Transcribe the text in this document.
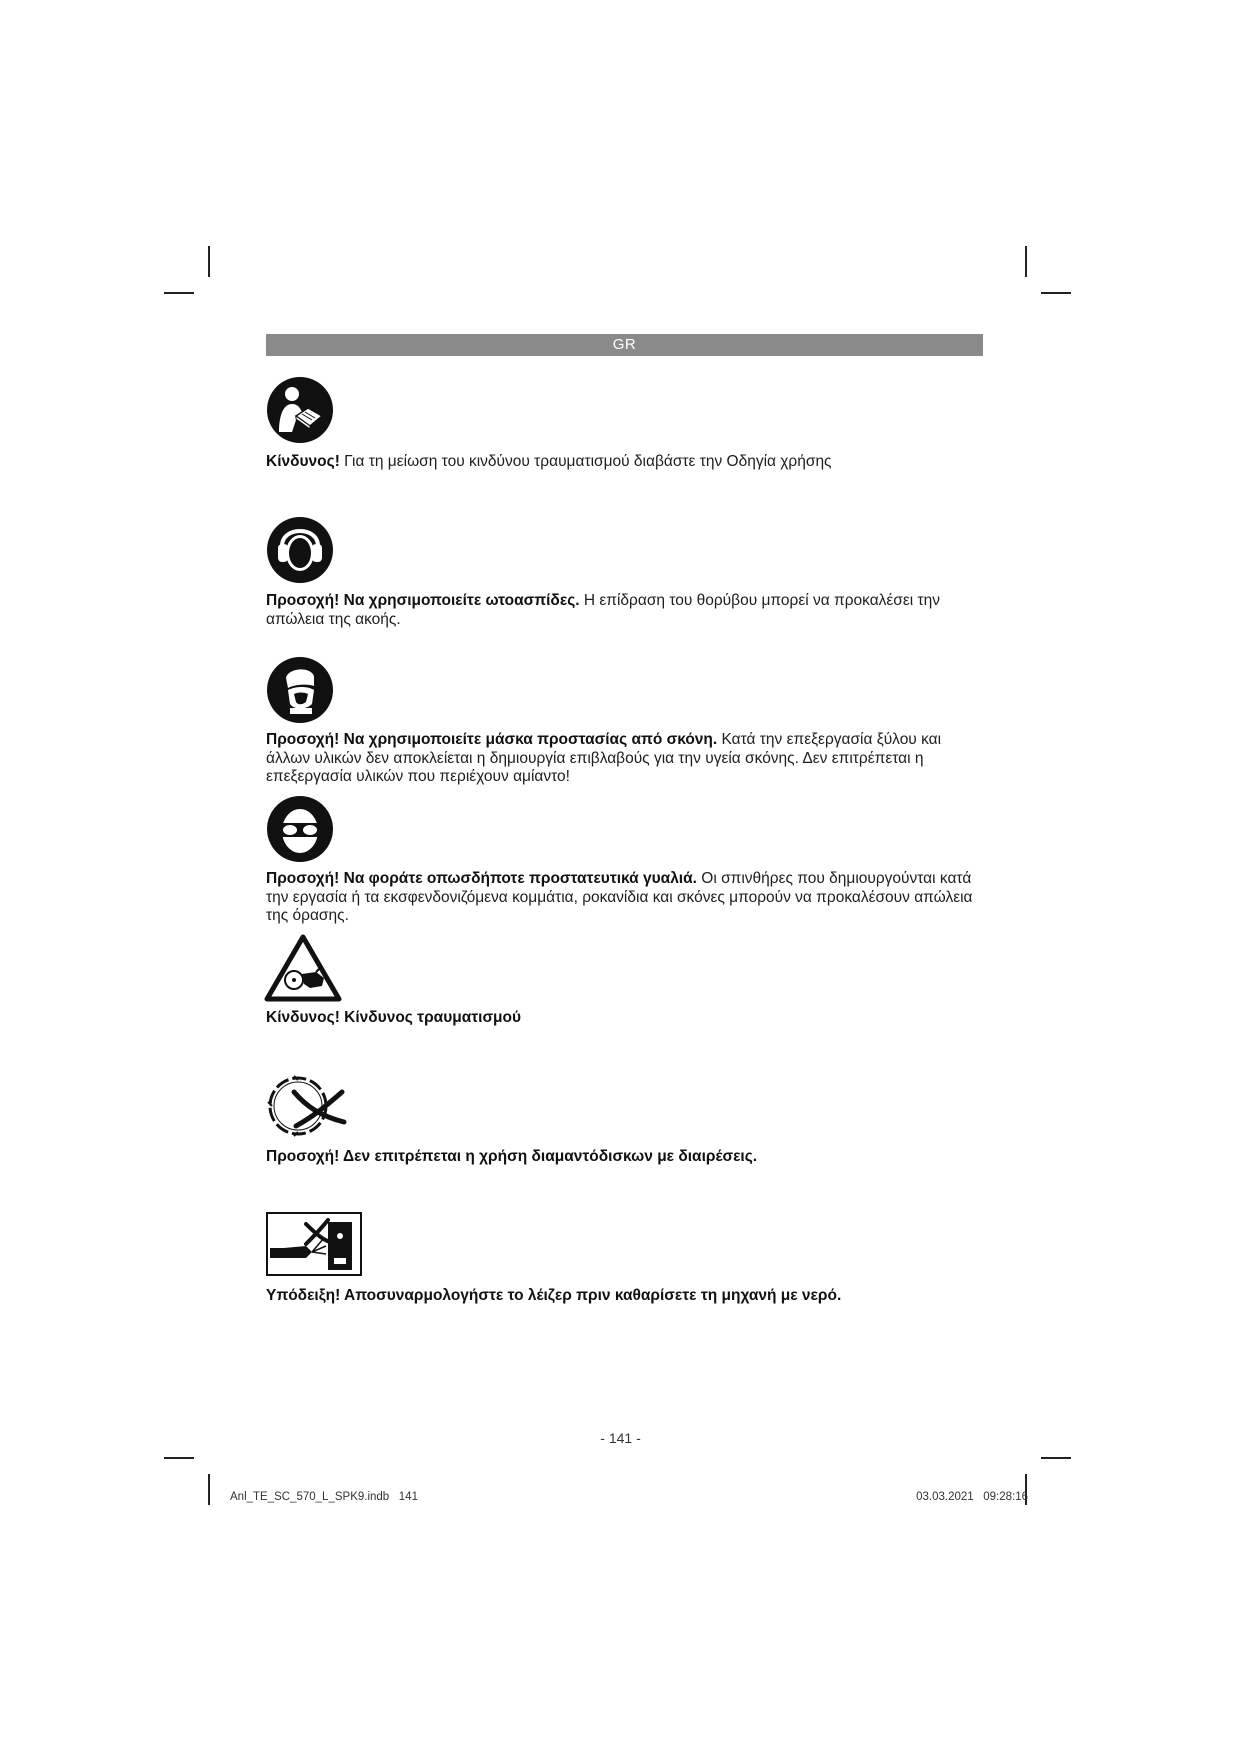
GR
Κίνδυνος! Για τη μείωση του κινδύνου τραυματισμού διαβάστε την Οδηγία χρήσης
Προσοχή! Να χρησιμοποιείτε ωτοασπίδες. Η επίδραση του θορύβου μπορεί να προκαλέσει την απώλεια της ακοής.
Προσοχή! Να χρησιμοποιείτε μάσκα προστασίας από σκόνη. Κατά την επεξεργασία ξύλου και άλλων υλικών δεν αποκλείεται η δημιουργία επιβλαβούς για την υγεία σκόνης. Δεν επιτρέπεται η επεξεργασία υλικών που περιέχουν αμίαντο!
Προσοχή! Να φοράτε οπωσδήποτε προστατευτικά γυαλιά. Οι σπινθήρες που δημιουργούνται κατά την εργασία ή τα εκσφενδονιζόμενα κομμάτια, ροκανίδια και σκόνες μπορούν να προκαλέσουν απώλεια της όρασης.
Κίνδυνος! Κίνδυνος τραυματισμού
Προσοχή! Δεν επιτρέπεται η χρήση διαμαντόδισκων με διαιρέσεις.
Υπόδειξη! Αποσυναρμολογήστε το λέιζερ πριν καθαρίσετε τη μηχανή με νερό.
- 141 -
Anl_TE_SC_570_L_SPK9.indb   141	03.03.2021   09:28:16
